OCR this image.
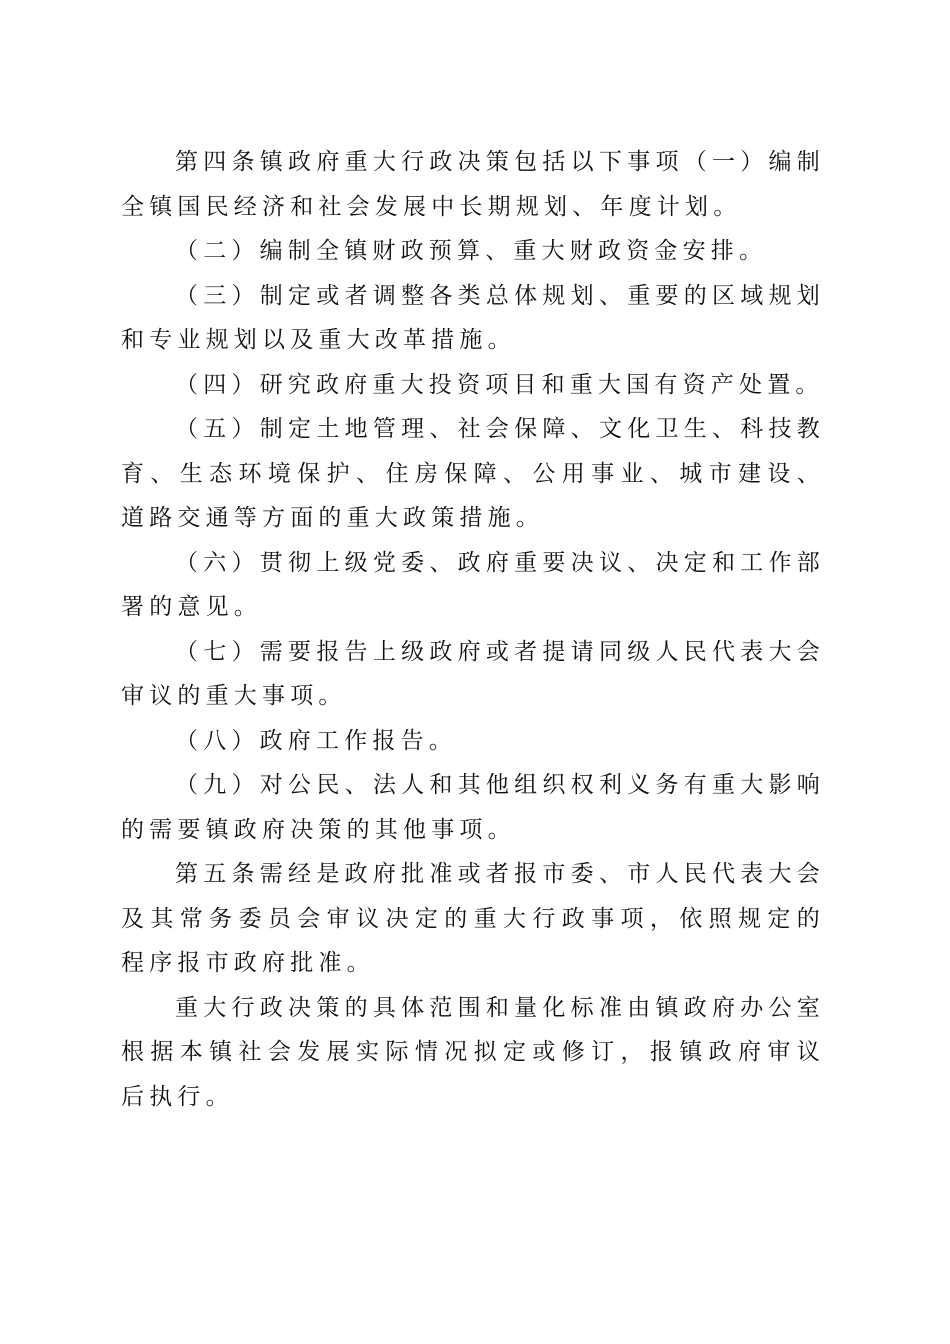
第四条镇政府重大行政决策包括以下事项（一）编制全镇国民经济和社会发展中长期规划、年度计划。

（二）编制全镇财政预算、重大财政资金安排。

（三）制定或者调整各类总体规划、重要的区域规划和专业规划以及重大改革措施。

（四）研究政府重大投资项目和重大国有资产处置。

（五）制定土地管理、社会保障、文化卫生、科技教育、生态环境保护、住房保障、公用事业、城市建设、道路交通等方面的重大政策措施。

（六）贯彻上级党委、政府重要决议、决定和工作部署的意见。

（七）需要报告上级政府或者提请同级人民代表大会审议的重大事项。

（八）政府工作报告。

（九）对公民、法人和其他组织权利义务有重大影响的需要镇政府决策的其他事项。

第五条需经是政府批准或者报市委、市人民代表大会及其常务委员会审议决定的重大行政事项，依照规定的程序报市政府批准。

重大行政决策的具体范围和量化标准由镇政府办公室根据本镇社会发展实际情况拟定或修订，报镇政府审议后执行。
